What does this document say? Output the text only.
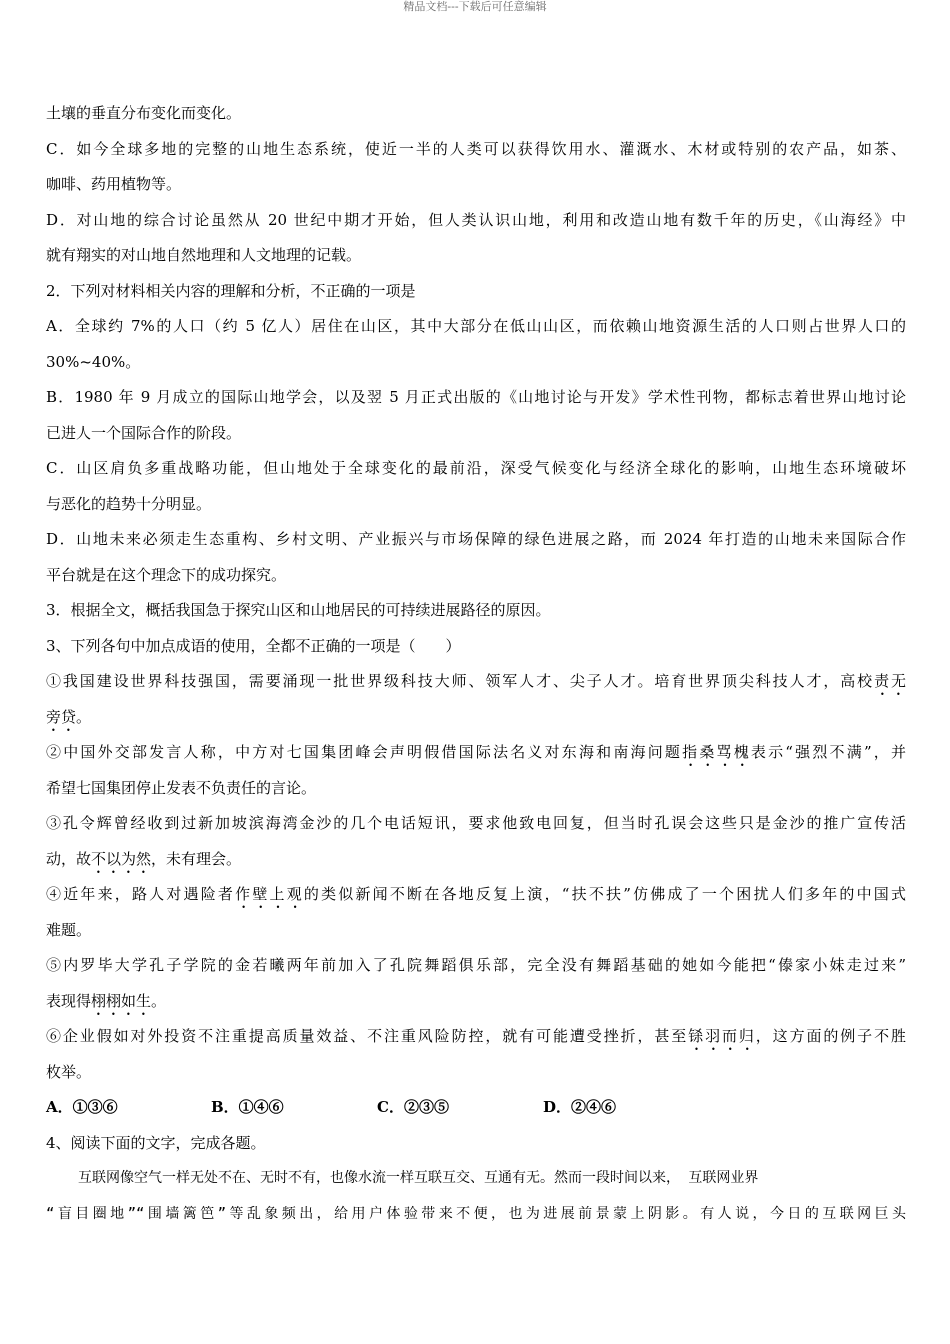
精品文档---下载后可任意编辑

土壤的垂直分布变化而变化。

C．如今全球多地的完整的山地生态系统，使近一半的人类可以获得饮用水、灌溉水、木材或特别的农产品，如茶、

咖啡、药用植物等。

D．对山地的综合讨论虽然从 20 世纪中期才开始，但人类认识山地，利用和改造山地有数千年的历史，《山海经》中

就有翔实的对山地自然地理和人文地理的记载。

2．下列对材料相关内容的理解和分析，不正确的一项是

A．全球约 7%的人口（约 5 亿人）居住在山区，其中大部分在低山山区，而依赖山地资源生活的人口则占世界人口的

30%~40%。

B．1980 年 9 月成立的国际山地学会，以及翌 5 月正式出版的《山地讨论与开发》学术性刊物，都标志着世界山地讨论

已进人一个国际合作的阶段。

C．山区肩负多重战略功能，但山地处于全球变化的最前沿，深受气候变化与经济全球化的影响，山地生态环境破坏

与恶化的趋势十分明显。

D．山地未来必须走生态重构、乡村文明、产业振兴与市场保障的绿色进展之路，而 2024 年打造的山地未来国际合作

平台就是在这个理念下的成功探究。

3．根据全文，概括我国急于探究山区和山地居民的可持续进展路径的原因。

3、下列各句中加点成语的使用，全都不正确的一项是（　　）

①我国建设世界科技强国，需要涌现一批世界级科技大师、领军人才、尖子人才。培育世界顶尖科技人才，高校责无

旁贷。

②中国外交部发言人称，中方对七国集团峰会声明假借国际法名义对东海和南海问题指桑骂槐表示“强烈不满”，并

希望七国集团停止发表不负责任的言论。

③孔令辉曾经收到过新加坡滨海湾金沙的几个电话短讯，要求他致电回复，但当时孔误会这些只是金沙的推广宣传活

动，故不以为然，未有理会。

④近年来，路人对遇险者作壁上观的类似新闻不断在各地反复上演，“扶不扶”仿佛成了一个困扰人们多年的中国式

难题。

⑤内罗毕大学孔子学院的金若曦两年前加入了孔院舞蹈俱乐部，完全没有舞蹈基础的她如今能把“傣家小妹走过来”

表现得栩栩如生。

⑥企业假如对外投资不注重提高质量效益、不注重风险防控，就有可能遭受挫折，甚至铩羽而归，这方面的例子不胜

枚举。

A．①③⑥	B．①④⑥	C．②③⑤	D．②④⑥

4、阅读下面的文字，完成各题。

互联网像空气一样无处不在、无时不有，也像水流一样互联互交、互通有无。然而一段时间以来， 互联网业界

“盲目圈地”“围墙篱笆”等乱象频出，给用户体验带来不便，也为进展前景蒙上阴影。有人说，今日的互联网巨头
